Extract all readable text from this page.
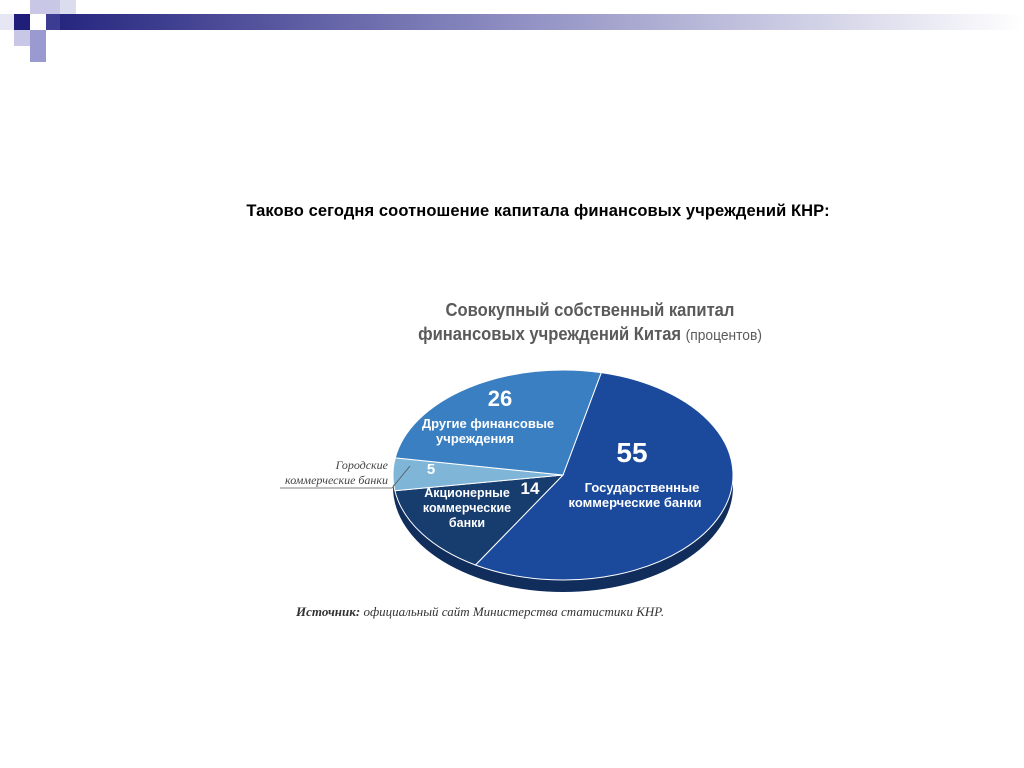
Таково сегодня соотношение капитала финансовых учреждений КНР:
Совокупный собственный капитал
финансовых учреждений Китая (процентов)
55
Государственные
коммерческие банки
26
Другие финансовые
учреждения
5
Городские
коммерческие банки	14
Акционерные
коммерческие
банки
Источник: официальный сайт Министерства статистики КНР.
